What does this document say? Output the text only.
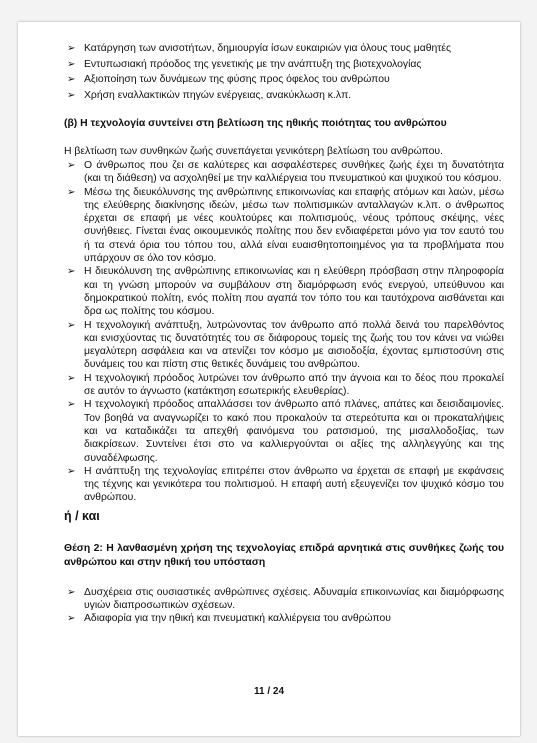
➢ Κατάργηση των ανισοτήτων, δημιουργία ίσων ευκαιριών για όλους τους μαθητές
➢ Εντυπωσιακή πρόοδος της γενετικής με την ανάπτυξη της βιοτεχνολογίας
➢ Αξιοποίηση των δυνάμεων της φύσης προς όφελος του ανθρώπου
➢ Χρήση εναλλακτικών πηγών ενέργειας, ανακύκλωση κ.λπ.
(β) Η τεχνολογία συντείνει στη βελτίωση της ηθικής ποιότητας του ανθρώπου
Η βελτίωση των συνθηκών ζωής συνεπάγεται γενικότερη βελτίωση του ανθρώπου.
➢ Ο άνθρωπος που ζει σε καλύτερες και ασφαλέστερες συνθήκες ζωής έχει τη δυνατότητα (και τη διάθεση) να ασχοληθεί με την καλλιέργεια του πνευματικού και ψυχικού του κόσμου.
➢ Μέσω της διευκόλυνσης της ανθρώπινης επικοινωνίας και επαφής ατόμων και λαών, μέσω της ελεύθερης διακίνησης ιδεών, μέσω των πολιτισμικών ανταλλαγών κ.λπ. ο άνθρωπος έρχεται σε επαφή με νέες κουλτούρες και πολιτισμούς, νέους τρόπους σκέψης, νέες συνήθειες. Γίνεται ένας οικουμενικός πολίτης που δεν ενδιαφέρεται μόνο για τον εαυτό του ή τα στενά όρια του τόπου του, αλλά είναι ευαισθητοποιημένος για τα προβλήματα που υπάρχουν σε όλο τον κόσμο.
➢ Η διευκόλυνση της ανθρώπινης επικοινωνίας και η ελεύθερη πρόσβαση στην πληροφορία και τη γνώση μπορούν να συμβάλουν στη διαμόρφωση ενός ενεργού, υπεύθυνου και δημοκρατικού πολίτη, ενός πολίτη που αγαπά τον τόπο του και ταυτόχρονα αισθάνεται και δρα ως πολίτης του κόσμου.
➢ Η τεχνολογική ανάπτυξη, λυτρώνοντας τον άνθρωπο από πολλά δεινά του παρελθόντος και ενισχύοντας τις δυνατότητές του σε διάφορους τομείς της ζωής του τον κάνει να νιώθει μεγαλύτερη ασφάλεια και να ατενίζει τον κόσμο με αισιοδοξία, έχοντας εμπιστοσύνη στις δυνάμεις του και πίστη στις θετικές δυνάμεις του ανθρώπου.
➢ Η τεχνολογική πρόοδος λυτρώνει τον άνθρωπο από την άγνοια και το δέος που προκαλεί σε αυτόν το άγνωστο (κατάκτηση εσωτερικής ελευθερίας).
➢ Η τεχνολογική πρόοδος απαλλάσσει τον άνθρωπο από πλάνες, απάτες και δεισιδαιμονίες. Τον βοηθά να αναγνωρίζει το κακό που προκαλούν τα στερεότυπα και οι προκαταλήψεις και να καταδικάζει τα απεχθή φαινόμενα του ρατσισμού, της μισαλλοδοξίας, των διακρίσεων. Συντείνει έτσι στο να καλλιεργούνται οι αξίες της αλληλεγγύης και της συναδέλφωσης.
➢ Η ανάπτυξη της τεχνολογίας επιτρέπει στον άνθρωπο να έρχεται σε επαφή με εκφάνσεις της τέχνης και γενικότερα του πολιτισμού. Η επαφή αυτή εξευγενίζει τον ψυχικό κόσμο του ανθρώπου.
ή / και
Θέση 2: Η λανθασμένη χρήση της τεχνολογίας επιδρά αρνητικά στις συνθήκες ζωής του ανθρώπου και στην ηθική του υπόσταση
➢ Δυσχέρεια στις ουσιαστικές ανθρώπινες σχέσεις. Αδυναμία επικοινωνίας και διαμόρφωσης υγιών διαπροσωπικών σχέσεων.
➢ Αδιαφορία για την ηθική και πνευματική καλλιέργεια του ανθρώπου
11 / 24
